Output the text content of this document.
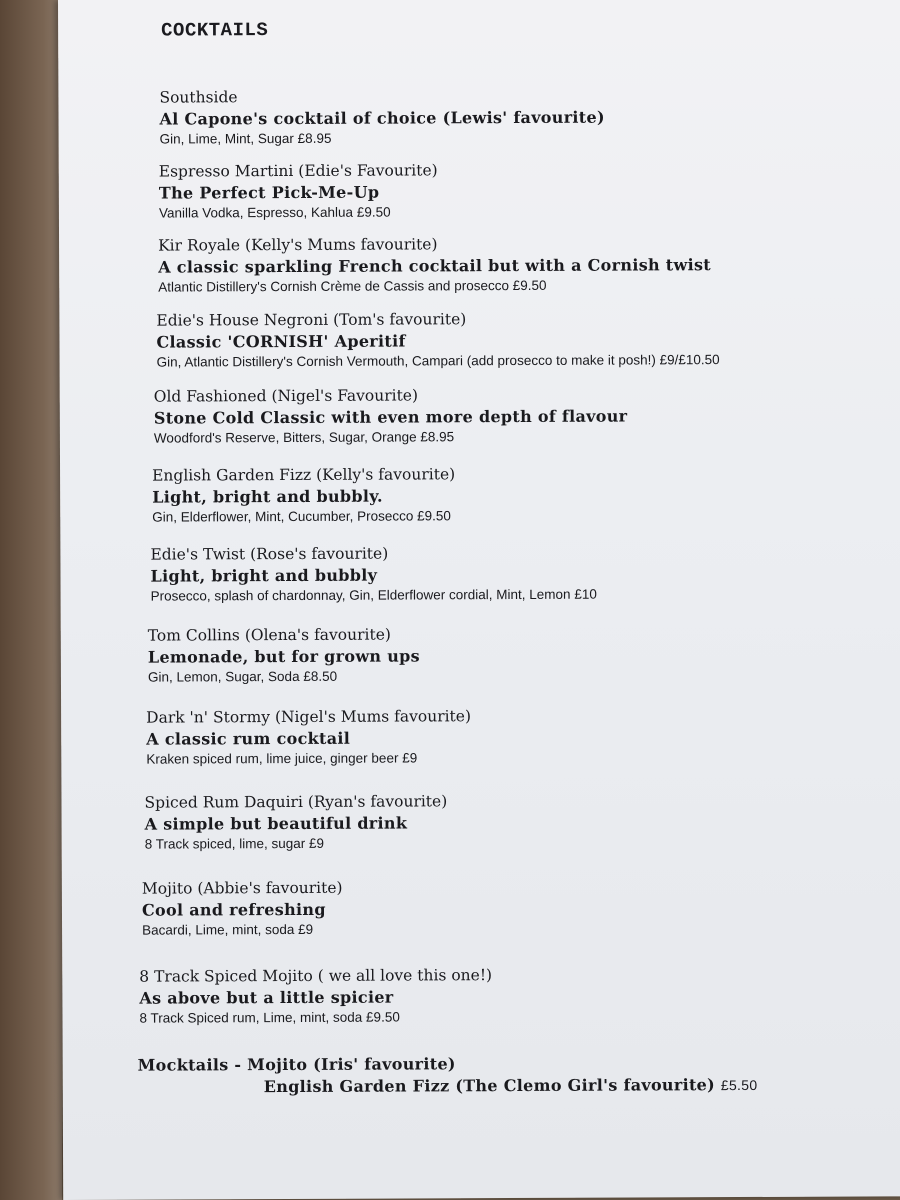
COCKTAILS
Southside
Al Capone's cocktail of choice (Lewis' favourite)
Gin, Lime, Mint, Sugar £8.95
Espresso Martini (Edie's Favourite)
The Perfect Pick-Me-Up
Vanilla Vodka, Espresso, Kahlua £9.50
Kir Royale (Kelly's Mums favourite)
A classic sparkling French cocktail but with a Cornish twist
Atlantic Distillery's Cornish Crème de Cassis and prosecco £9.50
Edie's House Negroni (Tom's favourite)
Classic 'CORNISH' Aperitif
Gin, Atlantic Distillery's Cornish Vermouth, Campari (add prosecco to make it posh!) £9/£10.50
Old Fashioned (Nigel's Favourite)
Stone Cold Classic with even more depth of flavour
Woodford's Reserve, Bitters, Sugar, Orange £8.95
English Garden Fizz (Kelly's favourite)
Light, bright and bubbly.
Gin, Elderflower, Mint, Cucumber, Prosecco £9.50
Edie's Twist (Rose's favourite)
Light, bright and bubbly
Prosecco, splash of chardonnay, Gin, Elderflower cordial, Mint, Lemon £10
Tom Collins (Olena's favourite)
Lemonade, but for grown ups
Gin, Lemon, Sugar, Soda £8.50
Dark 'n' Stormy (Nigel's Mums favourite)
A classic rum cocktail
Kraken spiced rum, lime juice, ginger beer £9
Spiced Rum Daquiri (Ryan's favourite)
A simple but beautiful drink
8 Track spiced, lime, sugar £9
Mojito (Abbie's favourite)
Cool and refreshing
Bacardi, Lime, mint, soda £9
8 Track Spiced Mojito ( we all love this one!)
As above but a little spicier
8 Track Spiced rum, Lime, mint, soda £9.50
Mocktails - Mojito (Iris' favourite)
English Garden Fizz (The Clemo Girl's favourite) £5.50
